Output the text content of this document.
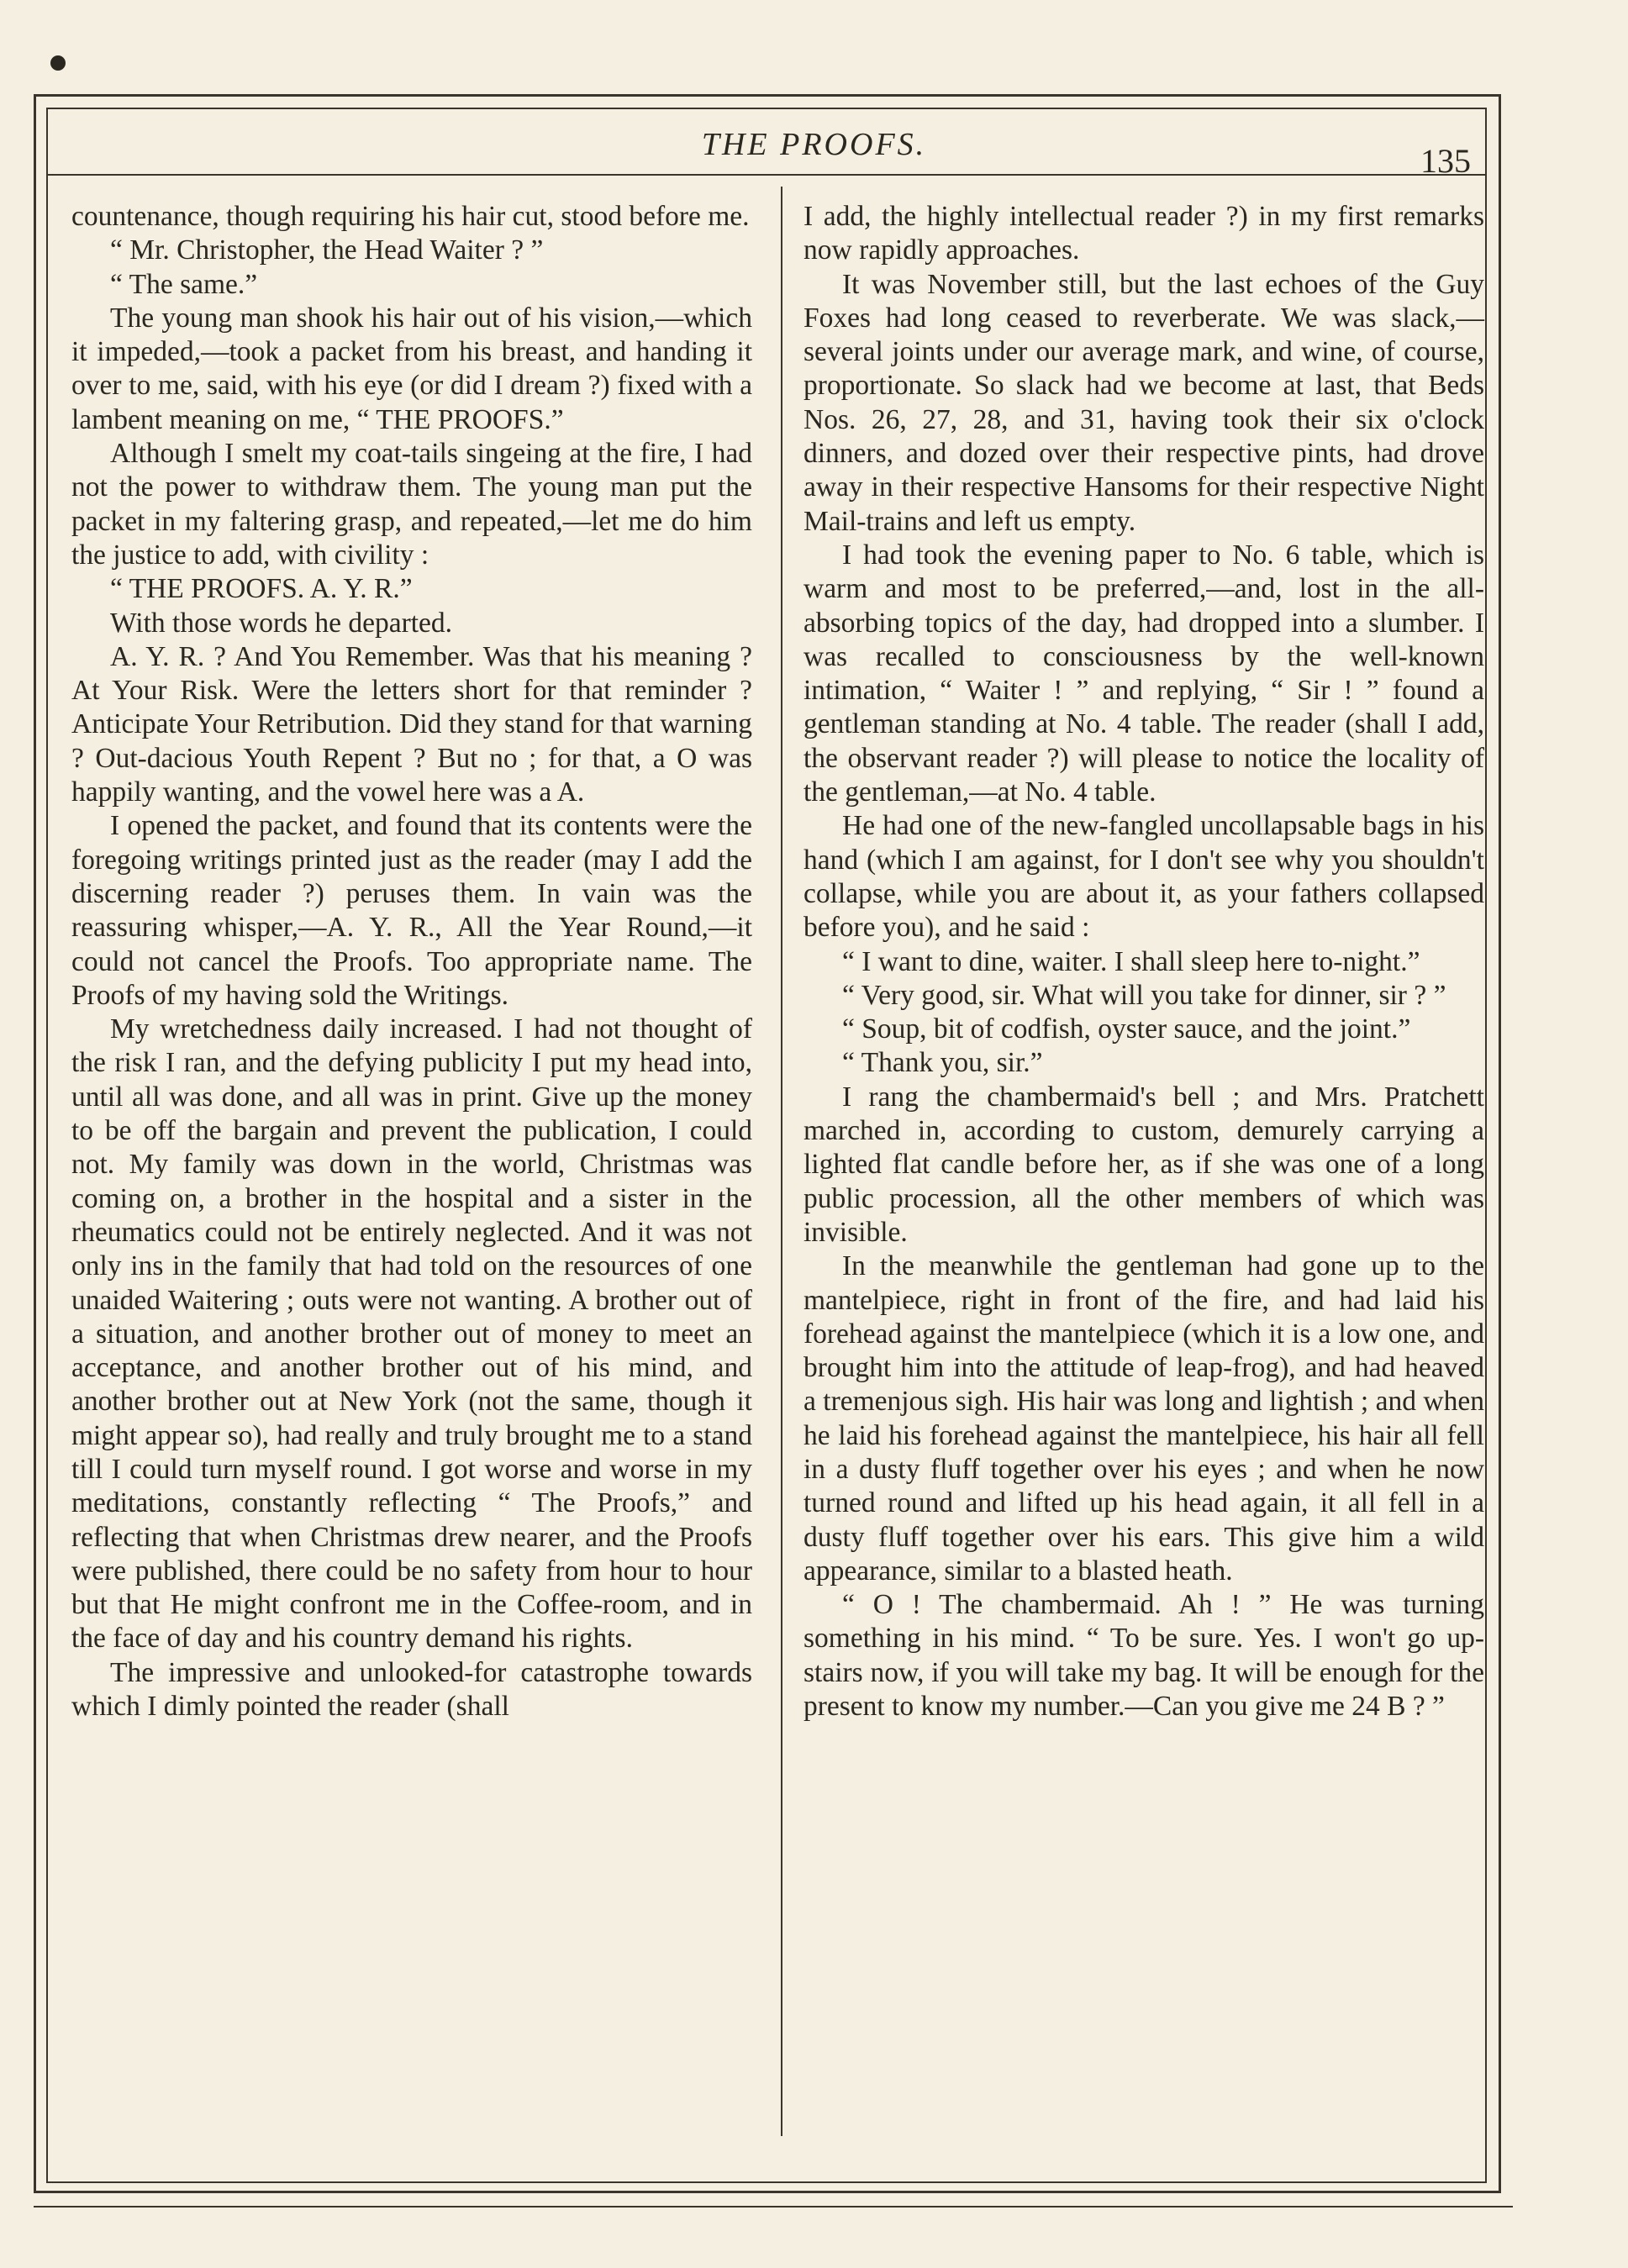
THE PROOFS.	135

countenance, though requiring his hair cut, stood before me.

“ Mr. Christopher, the Head Waiter ? ”

“ The same.”

The young man shook his hair out of his vision,—which it impeded,—took a packet from his breast, and handing it over to me, said, with his eye (or did I dream ?) fixed with a lambent meaning on me, “ THE PROOFS.”

Although I smelt my coat-tails singeing at the fire, I had not the power to withdraw them. The young man put the packet in my faltering grasp, and repeated,—let me do him the justice to add, with civility :

“ THE PROOFS. A. Y. R.”

With those words he departed.

A. Y. R. ? And You Remember. Was that his meaning ? At Your Risk. Were the letters short for that reminder ? Anticipate Your Retribution. Did they stand for that warning ? Out-dacious Youth Repent ? But no ; for that, a O was happily wanting, and the vowel here was a A.

I opened the packet, and found that its contents were the foregoing writings printed just as the reader (may I add the discerning reader ?) peruses them. In vain was the reassuring whisper,—A. Y. R., All the Year Round,—it could not cancel the Proofs. Too appropriate name. The Proofs of my having sold the Writings.

My wretchedness daily increased. I had not thought of the risk I ran, and the defying publicity I put my head into, until all was done, and all was in print. Give up the money to be off the bargain and prevent the publication, I could not. My family was down in the world, Christmas was coming on, a brother in the hospital and a sister in the rheumatics could not be entirely neglected. And it was not only ins in the family that had told on the resources of one unaided Waitering ; outs were not wanting. A brother out of a situation, and another brother out of money to meet an acceptance, and another brother out of his mind, and another brother out at New York (not the same, though it might appear so), had really and truly brought me to a stand till I could turn myself round. I got worse and worse in my meditations, constantly reflecting “ The Proofs,” and reflecting that when Christmas drew nearer, and the Proofs were published, there could be no safety from hour to hour but that He might confront me in the Coffee-room, and in the face of day and his country demand his rights.

The impressive and unlooked-for catastrophe towards which I dimly pointed the reader (shall

I add, the highly intellectual reader ?) in my first remarks now rapidly approaches.

It was November still, but the last echoes of the Guy Foxes had long ceased to reverberate. We was slack,—several joints under our average mark, and wine, of course, proportionate. So slack had we become at last, that Beds Nos. 26, 27, 28, and 31, having took their six o'clock dinners, and dozed over their respective pints, had drove away in their respective Hansoms for their respective Night Mail-trains and left us empty.

I had took the evening paper to No. 6 table, which is warm and most to be preferred,—and, lost in the all-absorbing topics of the day, had dropped into a slumber. I was recalled to consciousness by the well-known intimation, “ Waiter ! ” and replying, “ Sir ! ” found a gentleman standing at No. 4 table. The reader (shall I add, the observant reader ?) will please to notice the locality of the gentleman,—at No. 4 table.

He had one of the new-fangled uncollapsable bags in his hand (which I am against, for I don't see why you shouldn't collapse, while you are about it, as your fathers collapsed before you), and he said :

“ I want to dine, waiter. I shall sleep here to-night.”

“ Very good, sir. What will you take for dinner, sir ? ”

“ Soup, bit of codfish, oyster sauce, and the joint.”

“ Thank you, sir.”

I rang the chambermaid's bell ; and Mrs. Pratchett marched in, according to custom, demurely carrying a lighted flat candle before her, as if she was one of a long public procession, all the other members of which was invisible.

In the meanwhile the gentleman had gone up to the mantelpiece, right in front of the fire, and had laid his forehead against the mantelpiece (which it is a low one, and brought him into the attitude of leap-frog), and had heaved a tremenjous sigh. His hair was long and lightish ; and when he laid his forehead against the mantelpiece, his hair all fell in a dusty fluff together over his eyes ; and when he now turned round and lifted up his head again, it all fell in a dusty fluff together over his ears. This give him a wild appearance, similar to a blasted heath.

“ O ! The chambermaid. Ah ! ” He was turning something in his mind. “ To be sure. Yes. I won't go up-stairs now, if you will take my bag. It will be enough for the present to know my number.—Can you give me 24 B ? ”
